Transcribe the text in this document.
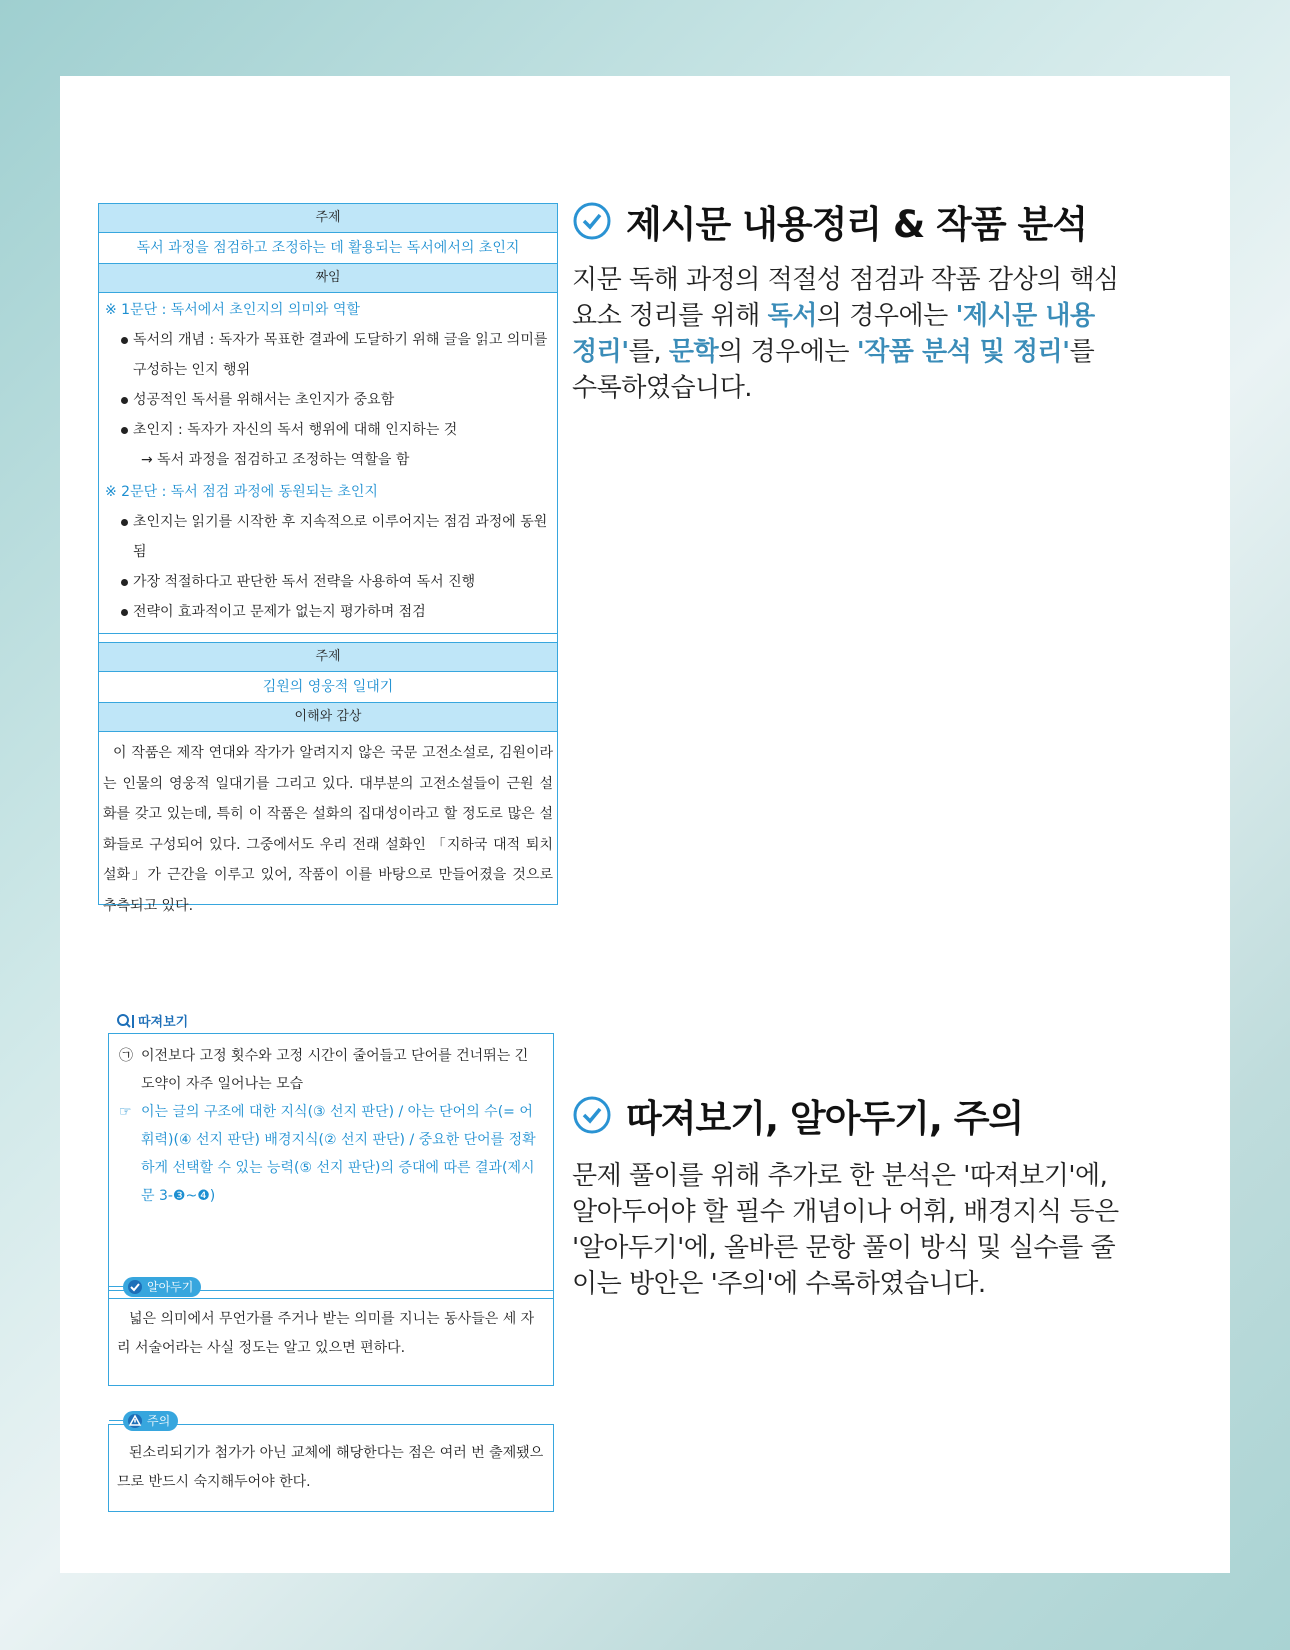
주제
독서 과정을 점검하고 조정하는 데 활용되는 독서에서의 초인지
짜임
※ 1문단 : 독서에서 초인지의 의미와 역할
독서의 개념 : 독자가 목표한 결과에 도달하기 위해 글을 읽고 의미를 구성하는 인지 행위
성공적인 독서를 위해서는 초인지가 중요함
초인지 : 독자가 자신의 독서 행위에 대해 인지하는 것
→ 독서 과정을 점검하고 조정하는 역할을 함
※ 2문단 : 독서 점검 과정에 동원되는 초인지
초인지는 읽기를 시작한 후 지속적으로 이루어지는 점검 과정에 동원됨
가장 적절하다고 판단한 독서 전략을 사용하여 독서 진행
전략이 효과적이고 문제가 없는지 평가하며 점검
주제
김원의 영웅적 일대기
이해와 감상
이 작품은 제작 연대와 작가가 알려지지 않은 국문 고전소설로, 김원이라는 인물의 영웅적 일대기를 그리고 있다. 대부분의 고전소설들이 근원 설화를 갖고 있는데, 특히 이 작품은 설화의 집대성이라고 할 정도로 많은 설화들로 구성되어 있다. 그중에서도 우리 전래 설화인 「지하국 대적 퇴치 설화」가 근간을 이루고 있어, 작품이 이를 바탕으로 만들어졌을 것으로 추측되고 있다.
따져보기
㉠ 이전보다 고정 횟수와 고정 시간이 줄어들고 단어를 건너뛰는 긴 도약이 자주 일어나는 모습
☞ 이는 글의 구조에 대한 지식(③ 선지 판단) / 아는 단어의 수(= 어휘력)(④ 선지 판단) 배경지식(② 선지 판단) / 중요한 단어를 정확하게 선택할 수 있는 능력(⑤ 선지 판단)의 증대에 따른 결과(제시문 3-❸~❹)
알아두기
넓은 의미에서 무언가를 주거나 받는 의미를 지니는 동사들은 세 자리 서술어라는 사실 정도는 알고 있으면 편하다.
주의
된소리되기가 첨가가 아닌 교체에 해당한다는 점은 여러 번 출제됐으므로 반드시 숙지해두어야 한다.
제시문 내용정리 & 작품 분석
지문 독해 과정의 적절성 점검과 작품 감상의 핵심 요소 정리를 위해 독서의 경우에는 '제시문 내용 정리'를, 문학의 경우에는 '작품 분석 및 정리'를 수록하였습니다.
따져보기, 알아두기, 주의
문제 풀이를 위해 추가로 한 분석은 '따져보기'에, 알아두어야 할 필수 개념이나 어휘, 배경지식 등은 '알아두기'에, 올바른 문항 풀이 방식 및 실수를 줄이는 방안은 '주의'에 수록하였습니다.
